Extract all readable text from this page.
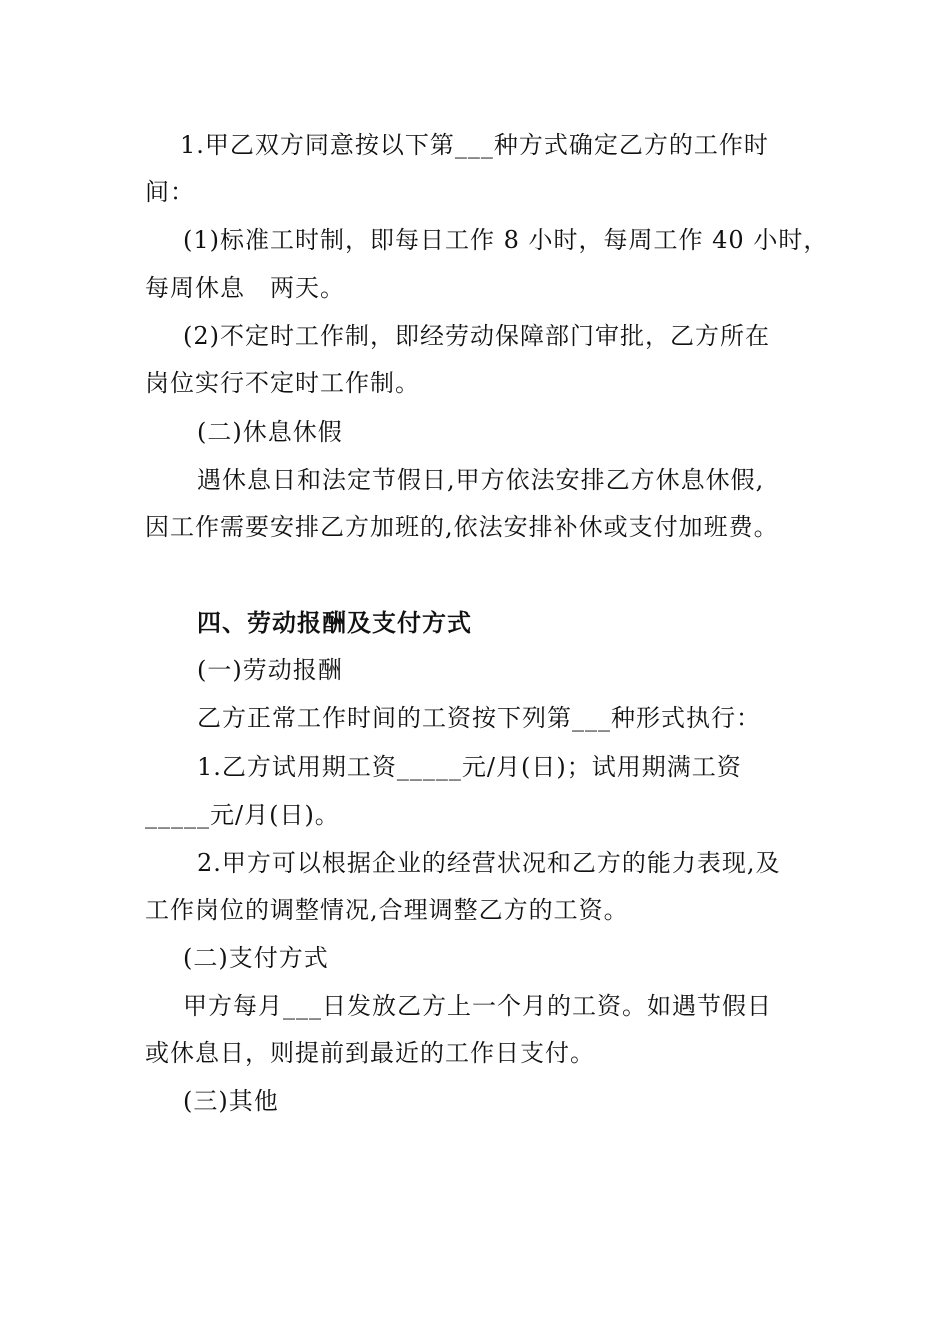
1.甲乙双方同意按以下第___种方式确定乙方的工作时
间：
(1)标准工时制，即每日工作 8 小时，每周工作 40 小时，
每周休息　两天。
(2)不定时工作制，即经劳动保障部门审批，乙方所在
岗位实行不定时工作制。
(二)休息休假
遇休息日和法定节假日,甲方依法安排乙方休息休假,
因工作需要安排乙方加班的,依法安排补休或支付加班费。
四、劳动报酬及支付方式
(一)劳动报酬
乙方正常工作时间的工资按下列第___种形式执行：
1.乙方试用期工资_____元/月(日)；试用期满工资
_____元/月(日)。
2.甲方可以根据企业的经营状况和乙方的能力表现,及
工作岗位的调整情况,合理调整乙方的工资。
(二)支付方式
甲方每月___日发放乙方上一个月的工资。如遇节假日
或休息日，则提前到最近的工作日支付。
(三)其他
